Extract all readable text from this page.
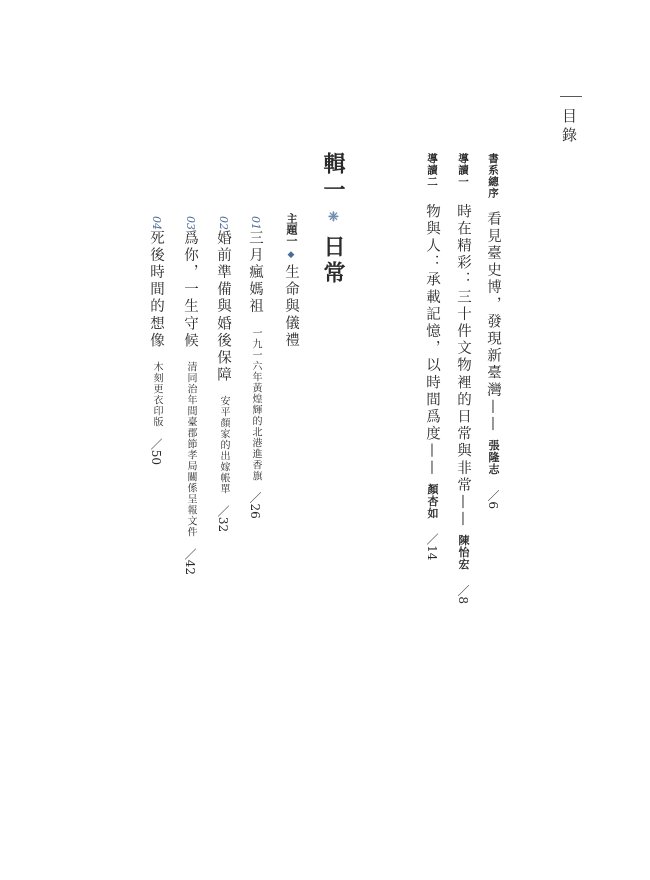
目錄
書系總序看見臺史博，發現新臺灣——張隆志／6
導讀一時在精彩：三十件文物裡的日常與非常——陳怡宏／8
導讀二物與人：承載記憶，以時間爲度——顏杏如／14
輯一❈日常
主題一◆生命與儀禮
01三月瘋媽祖一九一六年黃煌輝的北港進香旗／26
02婚前準備與婚後保障安平顏家的出嫁帳單／32
03爲你，一生守候清同治年間臺郡節孝局關係呈報文件／42
04死後時間的想像木刻更衣印版／50
